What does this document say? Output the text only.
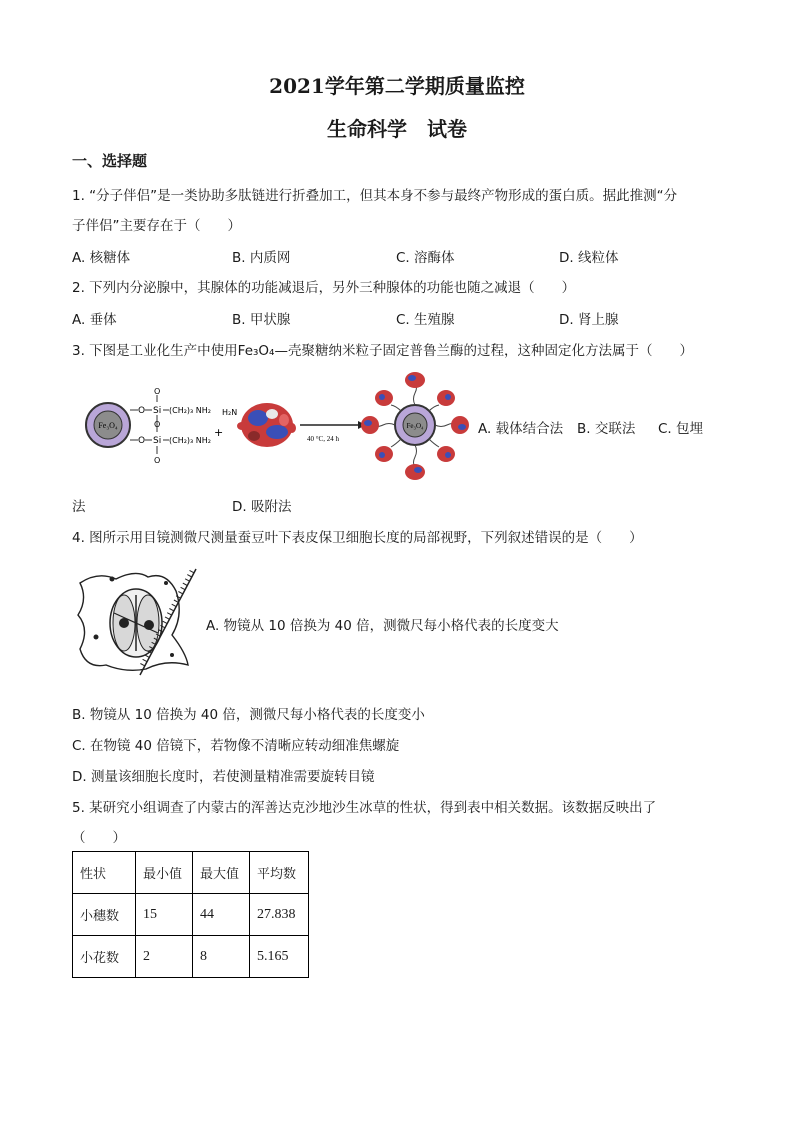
2021学年第二学期质量监控
生命科学　试卷
一、选择题
1. “分子伴侣”是一类协助多肽链进行折叠加工，但其本身不参与最终产物形成的蛋白质。据此推测“分
子伴侣”主要存在于（　　）
A. 核糖体	B. 内质网	C. 溶酶体	D. 线粒体
2. 下列内分泌腺中，其腺体的功能减退后，另外三种腺体的功能也随之减退（　　）
A. 垂体	B. 甲状腺	C. 生殖腺	D. 肾上腺
3. 下图是工业化生产中使用Fe₃O₄—壳聚糖纳米粒子固定普鲁兰酶的过程，这种固定化方法属于（　　）
Fe₃O₄
O
O
Si
Si
O
O
O
(CH₂)₃ NH₂
(CH₂)₃ NH₂
+
H₂N
40 °C, 24 h
Fe₃O₄	A. 载体结合法 B. 交联法 C. 包埋
法	D. 吸附法
4. 图所示用目镜测微尺测量蚕豆叶下表皮保卫细胞长度的局部视野，下列叙述错误的是（　　）
A. 物镜从 10 倍换为 40 倍，测微尺每小格代表的长度变大
B. 物镜从 10 倍换为 40 倍，测微尺每小格代表的长度变小
C. 在物镜 40 倍镜下，若物像不清晰应转动细准焦螺旋
D. 测量该细胞长度时，若使测量精准需要旋转目镜
5. 某研究小组调查了内蒙古的浑善达克沙地沙生冰草的性状，得到表中相关数据。该数据反映出了
（　　）
性状	最小值	最大值	平均数
小穗数	15	44	27.838
小花数	2	8	5.165
